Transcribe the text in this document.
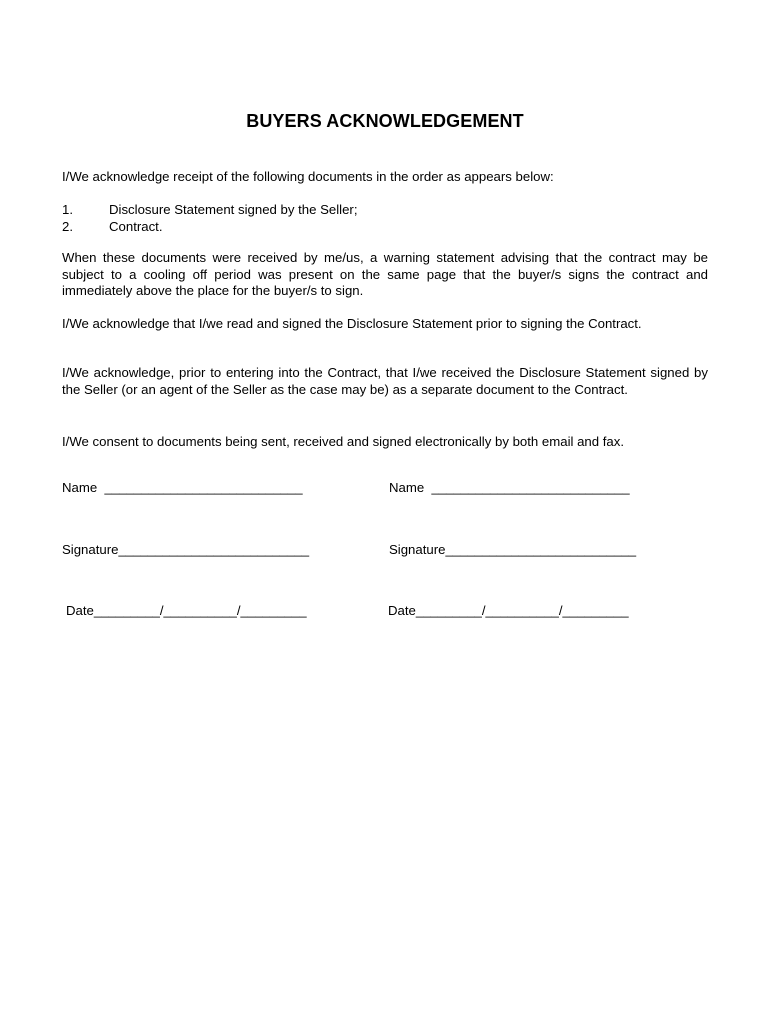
BUYERS ACKNOWLEDGEMENT
I/We acknowledge receipt of the following documents in the order as appears below:
1.	Disclosure Statement signed by the Seller;
2.	Contract.
When these documents were received by me/us, a warning statement advising that the contract may be subject to a cooling off period was present on the same page that the buyer/s signs the contract and immediately above the place for the buyer/s to sign.
I/We acknowledge that I/we read and signed the Disclosure Statement prior to signing the Contract.
I/We acknowledge, prior to entering into the Contract, that I/we received the Disclosure Statement signed by the Seller (or an agent of the Seller as the case may be) as a separate document to the Contract.
I/We consent to documents being sent, received and signed electronically by both email and fax.
Name  ___________________________	Name  ___________________________
Signature__________________________	Signature__________________________
Date_________/__________/_________	Date_________/__________/_________
